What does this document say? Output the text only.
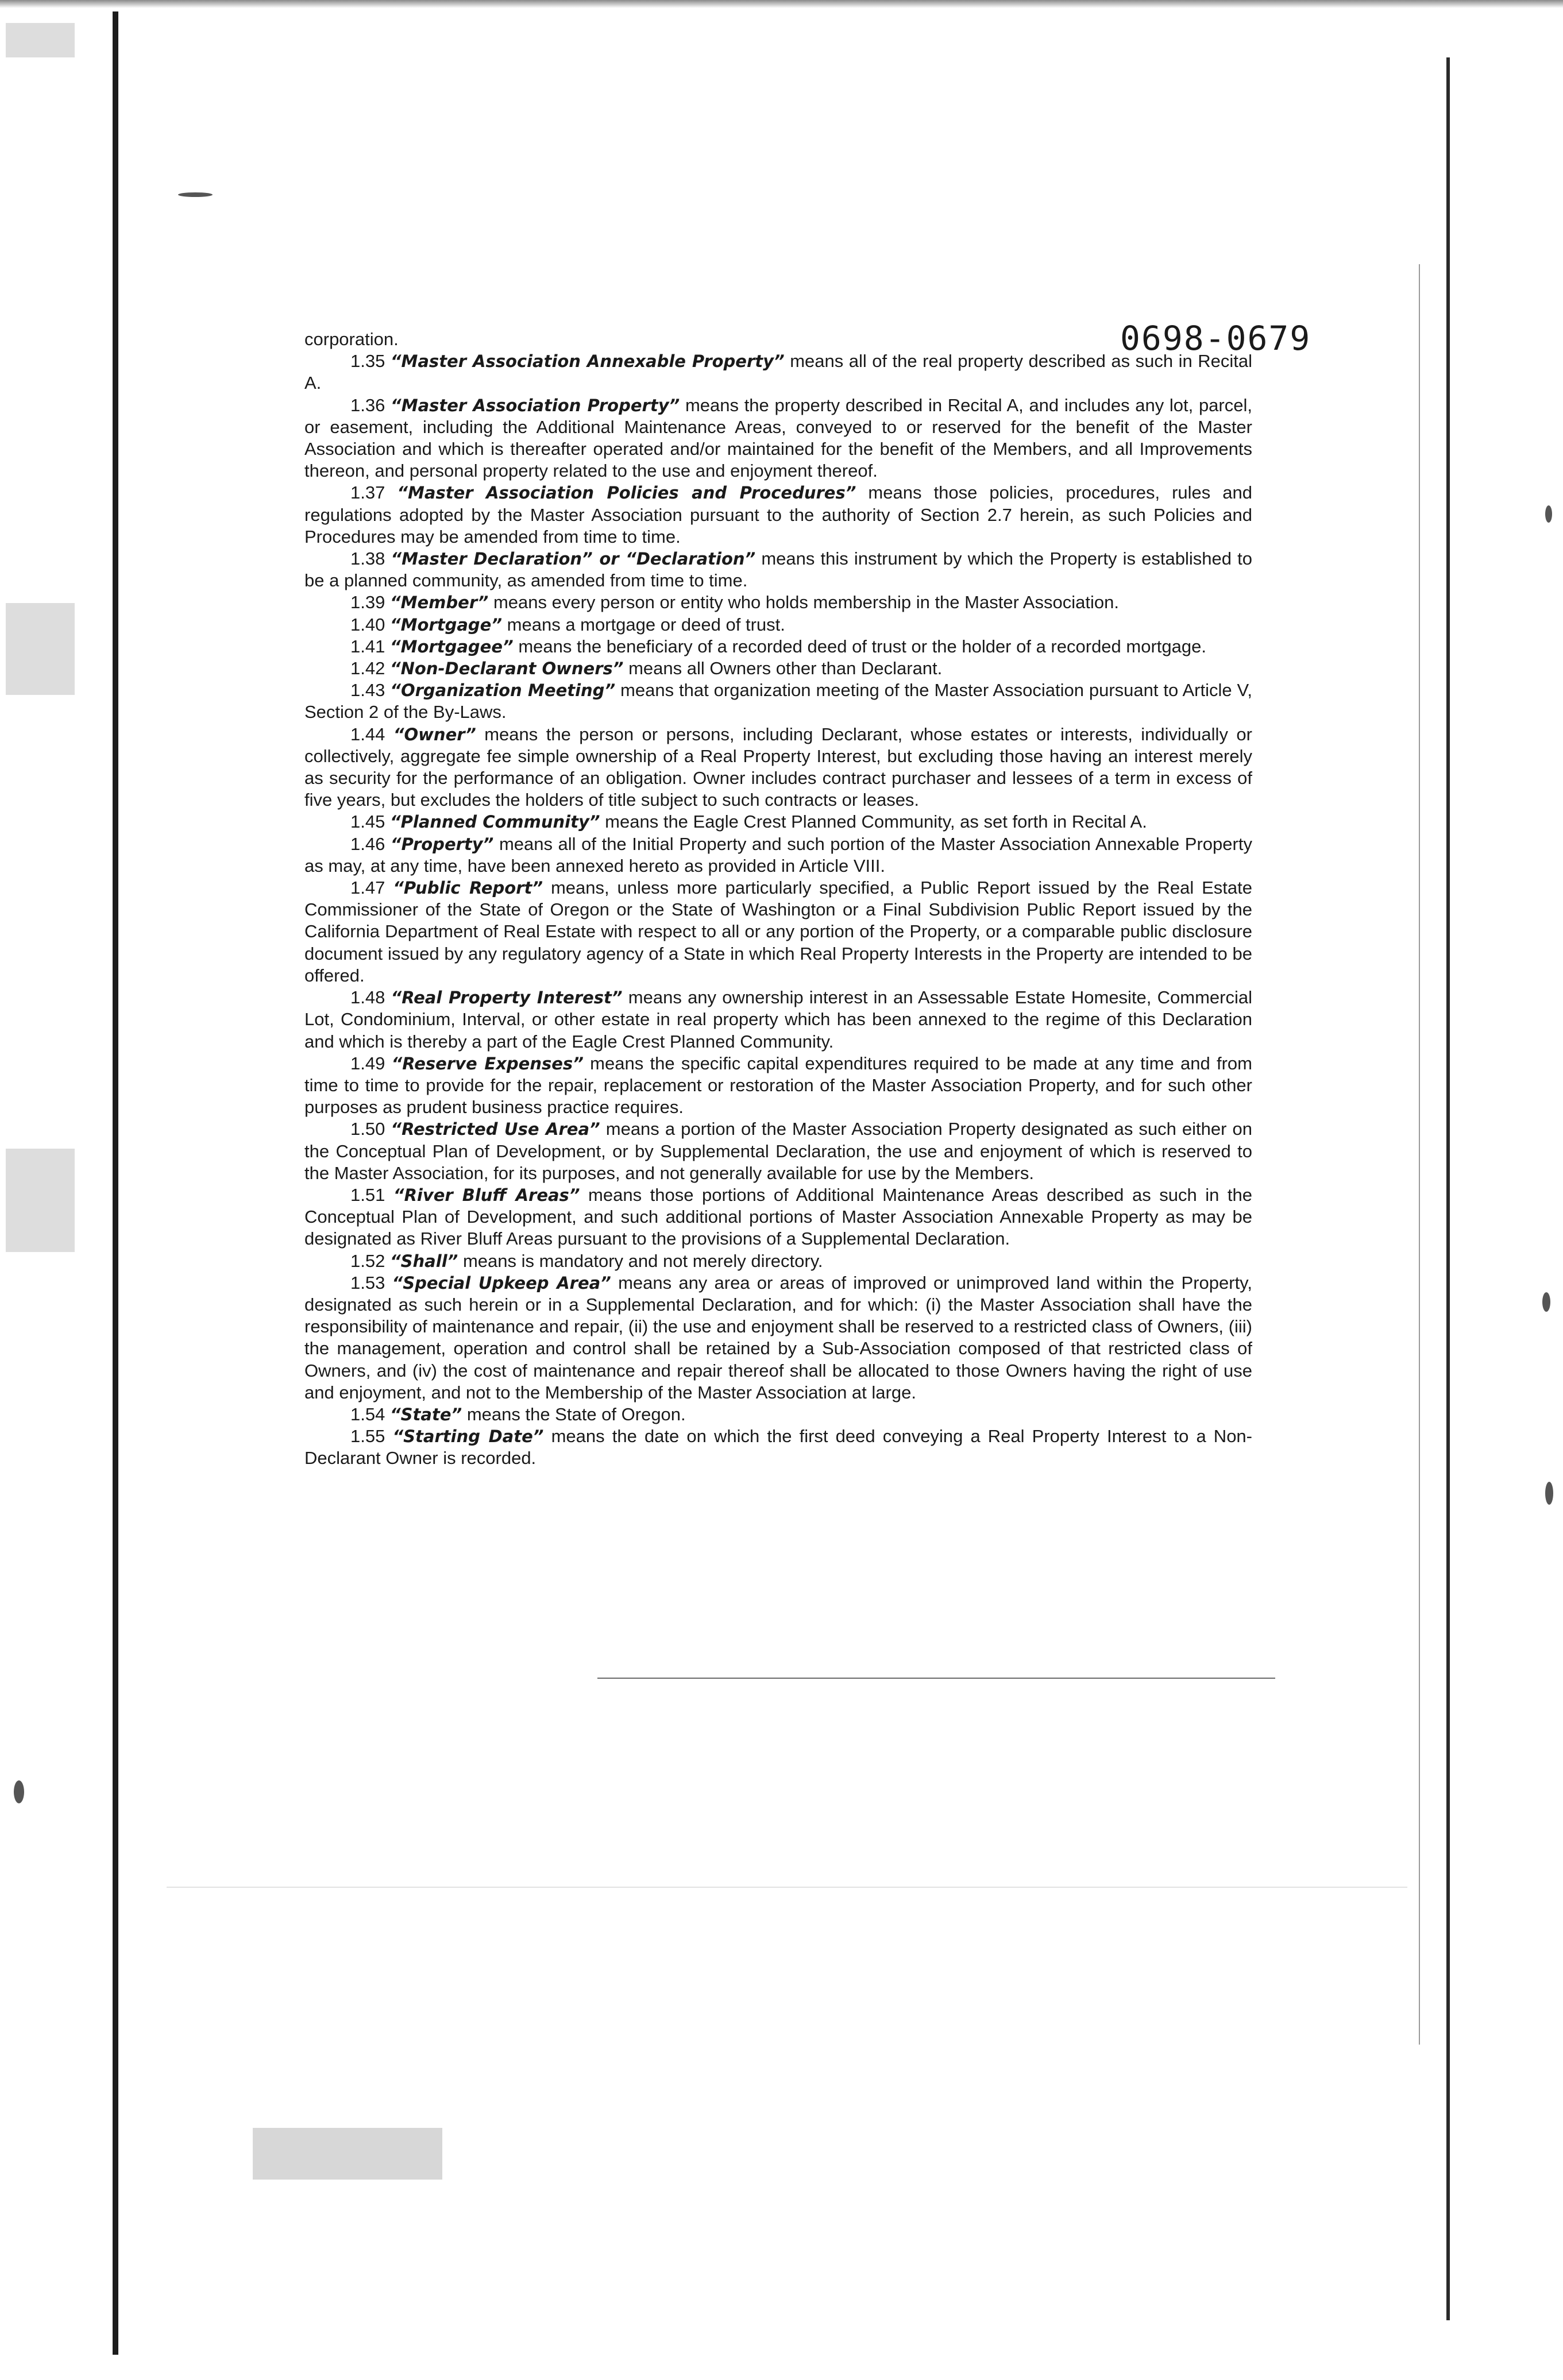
0698-0679

corporation.

1.35 “Master Association Annexable Property” means all of the real property described as such in Recital A.

1.36 “Master Association Property” means the property described in Recital A, and includes any lot, parcel, or easement, including the Additional Maintenance Areas, conveyed to or reserved for the benefit of the Master Association and which is thereafter operated and/or maintained for the benefit of the Members, and all Improvements thereon, and personal property related to the use and enjoyment thereof.

1.37 “Master Association Policies and Procedures” means those policies, procedures, rules and regulations adopted by the Master Association pursuant to the authority of Section 2.7 herein, as such Policies and Procedures may be amended from time to time.

1.38 “Master Declaration” or “Declaration” means this instrument by which the Property is established to be a planned community, as amended from time to time.

1.39 “Member” means every person or entity who holds membership in the Master Association.

1.40 “Mortgage” means a mortgage or deed of trust.

1.41 “Mortgagee” means the beneficiary of a recorded deed of trust or the holder of a recorded mortgage.

1.42 “Non-Declarant Owners” means all Owners other than Declarant.

1.43 “Organization Meeting” means that organization meeting of the Master Association pursuant to Article V, Section 2 of the By-Laws.

1.44 “Owner” means the person or persons, including Declarant, whose estates or interests, individually or collectively, aggregate fee simple ownership of a Real Property Interest, but excluding those having an interest merely as security for the performance of an obligation. Owner includes contract purchaser and lessees of a term in excess of five years, but excludes the holders of title subject to such contracts or leases.

1.45 “Planned Community” means the Eagle Crest Planned Community, as set forth in Recital A.

1.46 “Property” means all of the Initial Property and such portion of the Master Association Annexable Property as may, at any time, have been annexed hereto as provided in Article VIII.

1.47 “Public Report” means, unless more particularly specified, a Public Report issued by the Real Estate Commissioner of the State of Oregon or the State of Washington or a Final Subdivision Public Report issued by the California Department of Real Estate with respect to all or any portion of the Property, or a comparable public disclosure document issued by any regulatory agency of a State in which Real Property Interests in the Property are intended to be offered.

1.48 “Real Property Interest” means any ownership interest in an Assessable Estate Homesite, Commercial Lot, Condominium, Interval, or other estate in real property which has been annexed to the regime of this Declaration and which is thereby a part of the Eagle Crest Planned Community.

1.49 “Reserve Expenses” means the specific capital expenditures required to be made at any time and from time to time to provide for the repair, replacement or restoration of the Master Association Property, and for such other purposes as prudent business practice requires.

1.50 “Restricted Use Area” means a portion of the Master Association Property designated as such either on the Conceptual Plan of Development, or by Supplemental Declaration, the use and enjoyment of which is reserved to the Master Association, for its purposes, and not generally available for use by the Members.

1.51 “River Bluff Areas” means those portions of Additional Maintenance Areas described as such in the Conceptual Plan of Development, and such additional portions of Master Association Annexable Property as may be designated as River Bluff Areas pursuant to the provisions of a Supplemental Declaration.

1.52 “Shall” means is mandatory and not merely directory.

1.53 “Special Upkeep Area” means any area or areas of improved or unimproved land within the Property, designated as such herein or in a Supplemental Declaration, and for which: (i) the Master Association shall have the responsibility of maintenance and repair, (ii) the use and enjoyment shall be reserved to a restricted class of Owners, (iii) the management, operation and control shall be retained by a Sub-Association composed of that restricted class of Owners, and (iv) the cost of maintenance and repair thereof shall be allocated to those Owners having the right of use and enjoyment, and not to the Membership of the Master Association at large.

1.54 “State” means the State of Oregon.

1.55 “Starting Date” means the date on which the first deed conveying a Real Property Interest to a Non-Declarant Owner is recorded.
